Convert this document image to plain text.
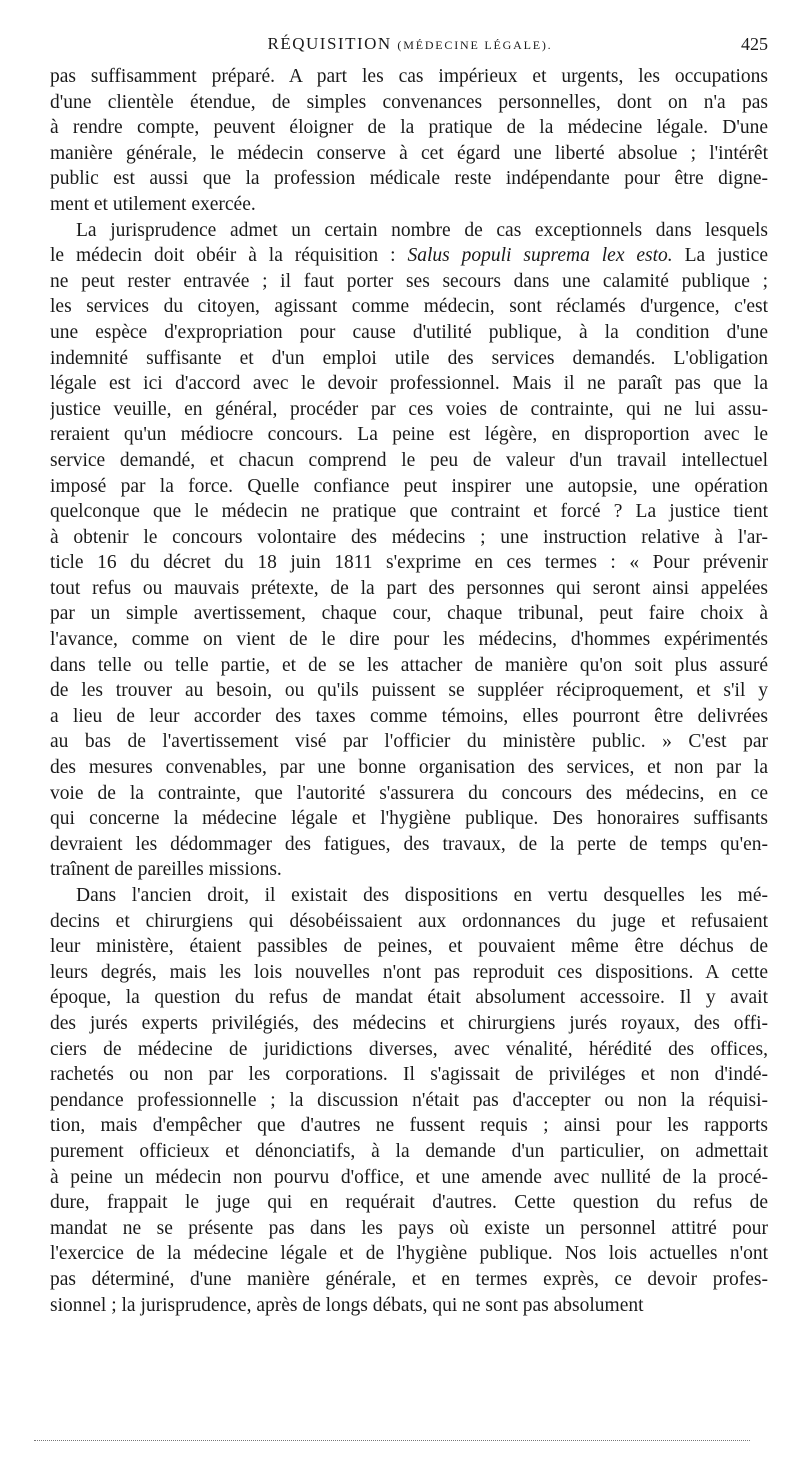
RÉQUISITION (MÉDECINE LÉGALE).	425
pas suffisamment préparé. A part les cas impérieux et urgents, les occupations
d'une clientèle étendue, de simples convenances personnelles, dont on n'a pas
à rendre compte, peuvent éloigner de la pratique de la médecine légale. D'une
manière générale, le médecin conserve à cet égard une liberté absolue ; l'intérêt
public est aussi que la profession médicale reste indépendante pour être digne-
ment et utilement exercée.
La jurisprudence admet un certain nombre de cas exceptionnels dans lesquels
le médecin doit obéir à la réquisition : Salus populi suprema lex esto. La justice
ne peut rester entravée ; il faut porter ses secours dans une calamité publique ;
les services du citoyen, agissant comme médecin, sont réclamés d'urgence, c'est
une espèce d'expropriation pour cause d'utilité publique, à la condition d'une
indemnité suffisante et d'un emploi utile des services demandés. L'obligation
légale est ici d'accord avec le devoir professionnel. Mais il ne paraît pas que la
justice veuille, en général, procéder par ces voies de contrainte, qui ne lui assu-
reraient qu'un médiocre concours. La peine est légère, en disproportion avec le
service demandé, et chacun comprend le peu de valeur d'un travail intellectuel
imposé par la force. Quelle confiance peut inspirer une autopsie, une opération
quelconque que le médecin ne pratique que contraint et forcé ? La justice tient
à obtenir le concours volontaire des médecins ; une instruction relative à l'ar-
ticle 16 du décret du 18 juin 1811 s'exprime en ces termes : « Pour prévenir
tout refus ou mauvais prétexte, de la part des personnes qui seront ainsi appelées
par un simple avertissement, chaque cour, chaque tribunal, peut faire choix à
l'avance, comme on vient de le dire pour les médecins, d'hommes expérimentés
dans telle ou telle partie, et de se les attacher de manière qu'on soit plus assuré
de les trouver au besoin, ou qu'ils puissent se suppléer réciproquement, et s'il y
a lieu de leur accorder des taxes comme témoins, elles pourront être delivrées
au bas de l'avertissement visé par l'officier du ministère public. » C'est par
des mesures convenables, par une bonne organisation des services, et non par la
voie de la contrainte, que l'autorité s'assurera du concours des médecins, en ce
qui concerne la médecine légale et l'hygiène publique. Des honoraires suffisants
devraient les dédommager des fatigues, des travaux, de la perte de temps qu'en-
traînent de pareilles missions.
Dans l'ancien droit, il existait des dispositions en vertu desquelles les mé-
decins et chirurgiens qui désobéissaient aux ordonnances du juge et refusaient
leur ministère, étaient passibles de peines, et pouvaient même être déchus de
leurs degrés, mais les lois nouvelles n'ont pas reproduit ces dispositions. A cette
époque, la question du refus de mandat était absolument accessoire. Il y avait
des jurés experts privilégiés, des médecins et chirurgiens jurés royaux, des offi-
ciers de médecine de juridictions diverses, avec vénalité, hérédité des offices,
rachetés ou non par les corporations. Il s'agissait de priviléges et non d'indé-
pendance professionnelle ; la discussion n'était pas d'accepter ou non la réquisi-
tion, mais d'empêcher que d'autres ne fussent requis ; ainsi pour les rapports
purement officieux et dénonciatifs, à la demande d'un particulier, on admettait
à peine un médecin non pourvu d'office, et une amende avec nullité de la procé-
dure, frappait le juge qui en requérait d'autres. Cette question du refus de
mandat ne se présente pas dans les pays où existe un personnel attitré pour
l'exercice de la médecine légale et de l'hygiène publique. Nos lois actuelles n'ont
pas déterminé, d'une manière générale, et en termes exprès, ce devoir profes-
sionnel ; la jurisprudence, après de longs débats, qui ne sont pas absolument
